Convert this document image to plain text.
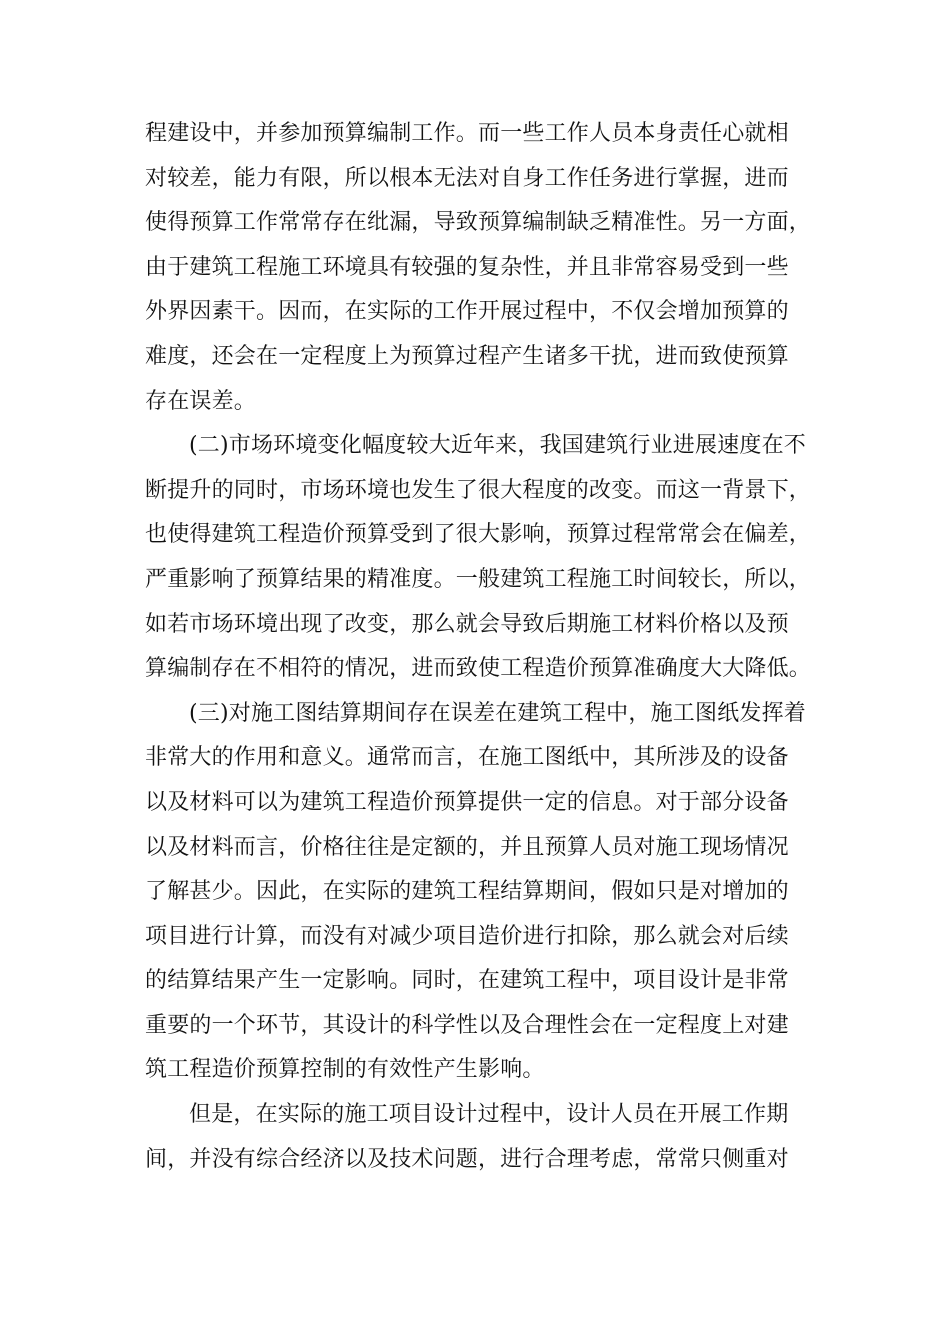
程建设中，并参加预算编制工作。而一些工作人员本身责任心就相
对较差，能力有限，所以根本无法对自身工作任务进行掌握，进而
使得预算工作常常存在纰漏，导致预算编制缺乏精准性。另一方面，
由于建筑工程施工环境具有较强的复杂性，并且非常容易受到一些
外界因素干。因而，在实际的工作开展过程中，不仅会增加预算的
难度，还会在一定程度上为预算过程产生诸多干扰，进而致使预算
存在误差。
(二)市场环境变化幅度较大近年来，我国建筑行业进展速度在不
断提升的同时，市场环境也发生了很大程度的改变。而这一背景下，
也使得建筑工程造价预算受到了很大影响，预算过程常常会在偏差，
严重影响了预算结果的精准度。一般建筑工程施工时间较长，所以，
如若市场环境出现了改变，那么就会导致后期施工材料价格以及预
算编制存在不相符的情况，进而致使工程造价预算准确度大大降低。
(三)对施工图结算期间存在误差在建筑工程中，施工图纸发挥着
非常大的作用和意义。通常而言，在施工图纸中，其所涉及的设备
以及材料可以为建筑工程造价预算提供一定的信息。对于部分设备
以及材料而言，价格往往是定额的，并且预算人员对施工现场情况
了解甚少。因此，在实际的建筑工程结算期间，假如只是对增加的
项目进行计算，而没有对减少项目造价进行扣除，那么就会对后续
的结算结果产生一定影响。同时，在建筑工程中，项目设计是非常
重要的一个环节，其设计的科学性以及合理性会在一定程度上对建
筑工程造价预算控制的有效性产生影响。
但是，在实际的施工项目设计过程中，设计人员在开展工作期
间，并没有综合经济以及技术问题，进行合理考虑，常常只侧重对
